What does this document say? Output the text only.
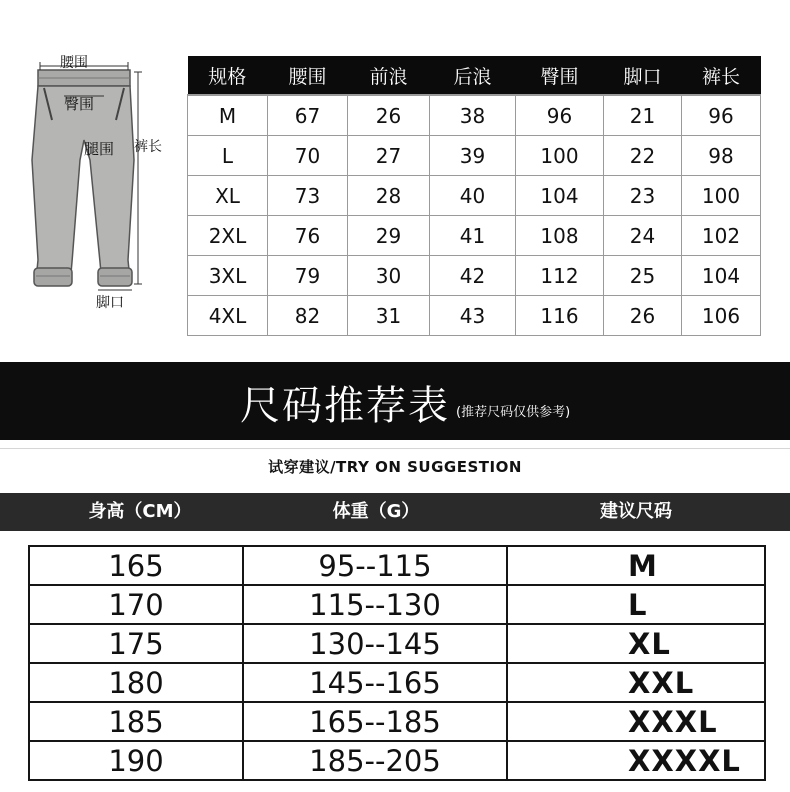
腰围
臀围
腿围 裤长
脚口
规格	腰围	前浪	后浪	臀围	脚口	裤长
M	67	26	38	96	21	96
L	70	27	39	100	22	98
XL	73	28	40	104	23	100
2XL	76	29	41	108	24	102
3XL	79	30	42	112	25	104
4XL	82	31	43	116	26	106
尺码推荐表 (推荐尺码仅供参考)
试穿建议/TRY ON SUGGESTION
身高（CM）	体重（G）	建议尺码
165	95--115	M
170	115--130	L
175	130--145	XL
180	145--165	XXL
185	165--185	XXXL
190	185--205	XXXXL
